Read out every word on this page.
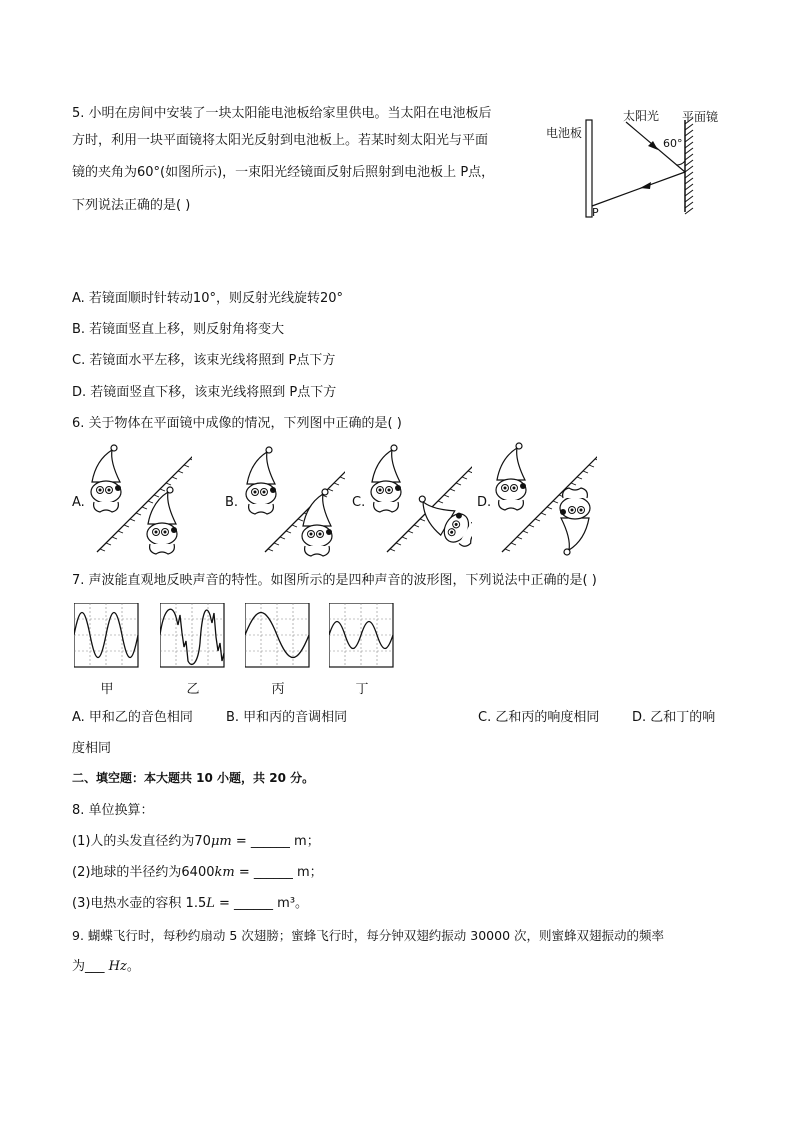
5. 小明在房间中安装了一块太阳能电池板给家里供电。当太阳在电池板后
方时，利用一块平面镜将太阳光反射到电池板上。若某时刻太阳光与平面
镜的夹角为60°(如图所示)，一束阳光经镜面反射后照射到电池板上 P点，
下列说法正确的是( )
电池板
太阳光 平面镜
60°
P
A. 若镜面顺时针转动10°，则反射光线旋转20°
B. 若镜面竖直上移，则反射角将变大
C. 若镜面水平左移，该束光线将照到 P点下方
D. 若镜面竖直下移，该束光线将照到 P点下方
6. 关于物体在平面镜中成像的情况，下列图中正确的是( )
A.	B.	C.	D.
7. 声波能直观地反映声音的特性。如图所示的是四种声音的波形图，下列说法中正确的是( )
甲	乙	丙	丁
A. 甲和乙的音色相同	B. 甲和丙的音调相同	C. 乙和丙的响度相同	D. 乙和丁的响
度相同
二、填空题：本大题共 10 小题，共 20 分。
8. 单位换算：
(1)人的头发直径约为70μm = ______ m；
(2)地球的半径约为6400km = ______ m；
(3)电热水壶的容积 1.5L = ______ m³。
9. 蝴蝶飞行时，每秒约扇动 5 次翅膀；蜜蜂飞行时，每分钟双翅约振动 30000 次，则蜜蜂双翅振动的频率
为___ Hz。
